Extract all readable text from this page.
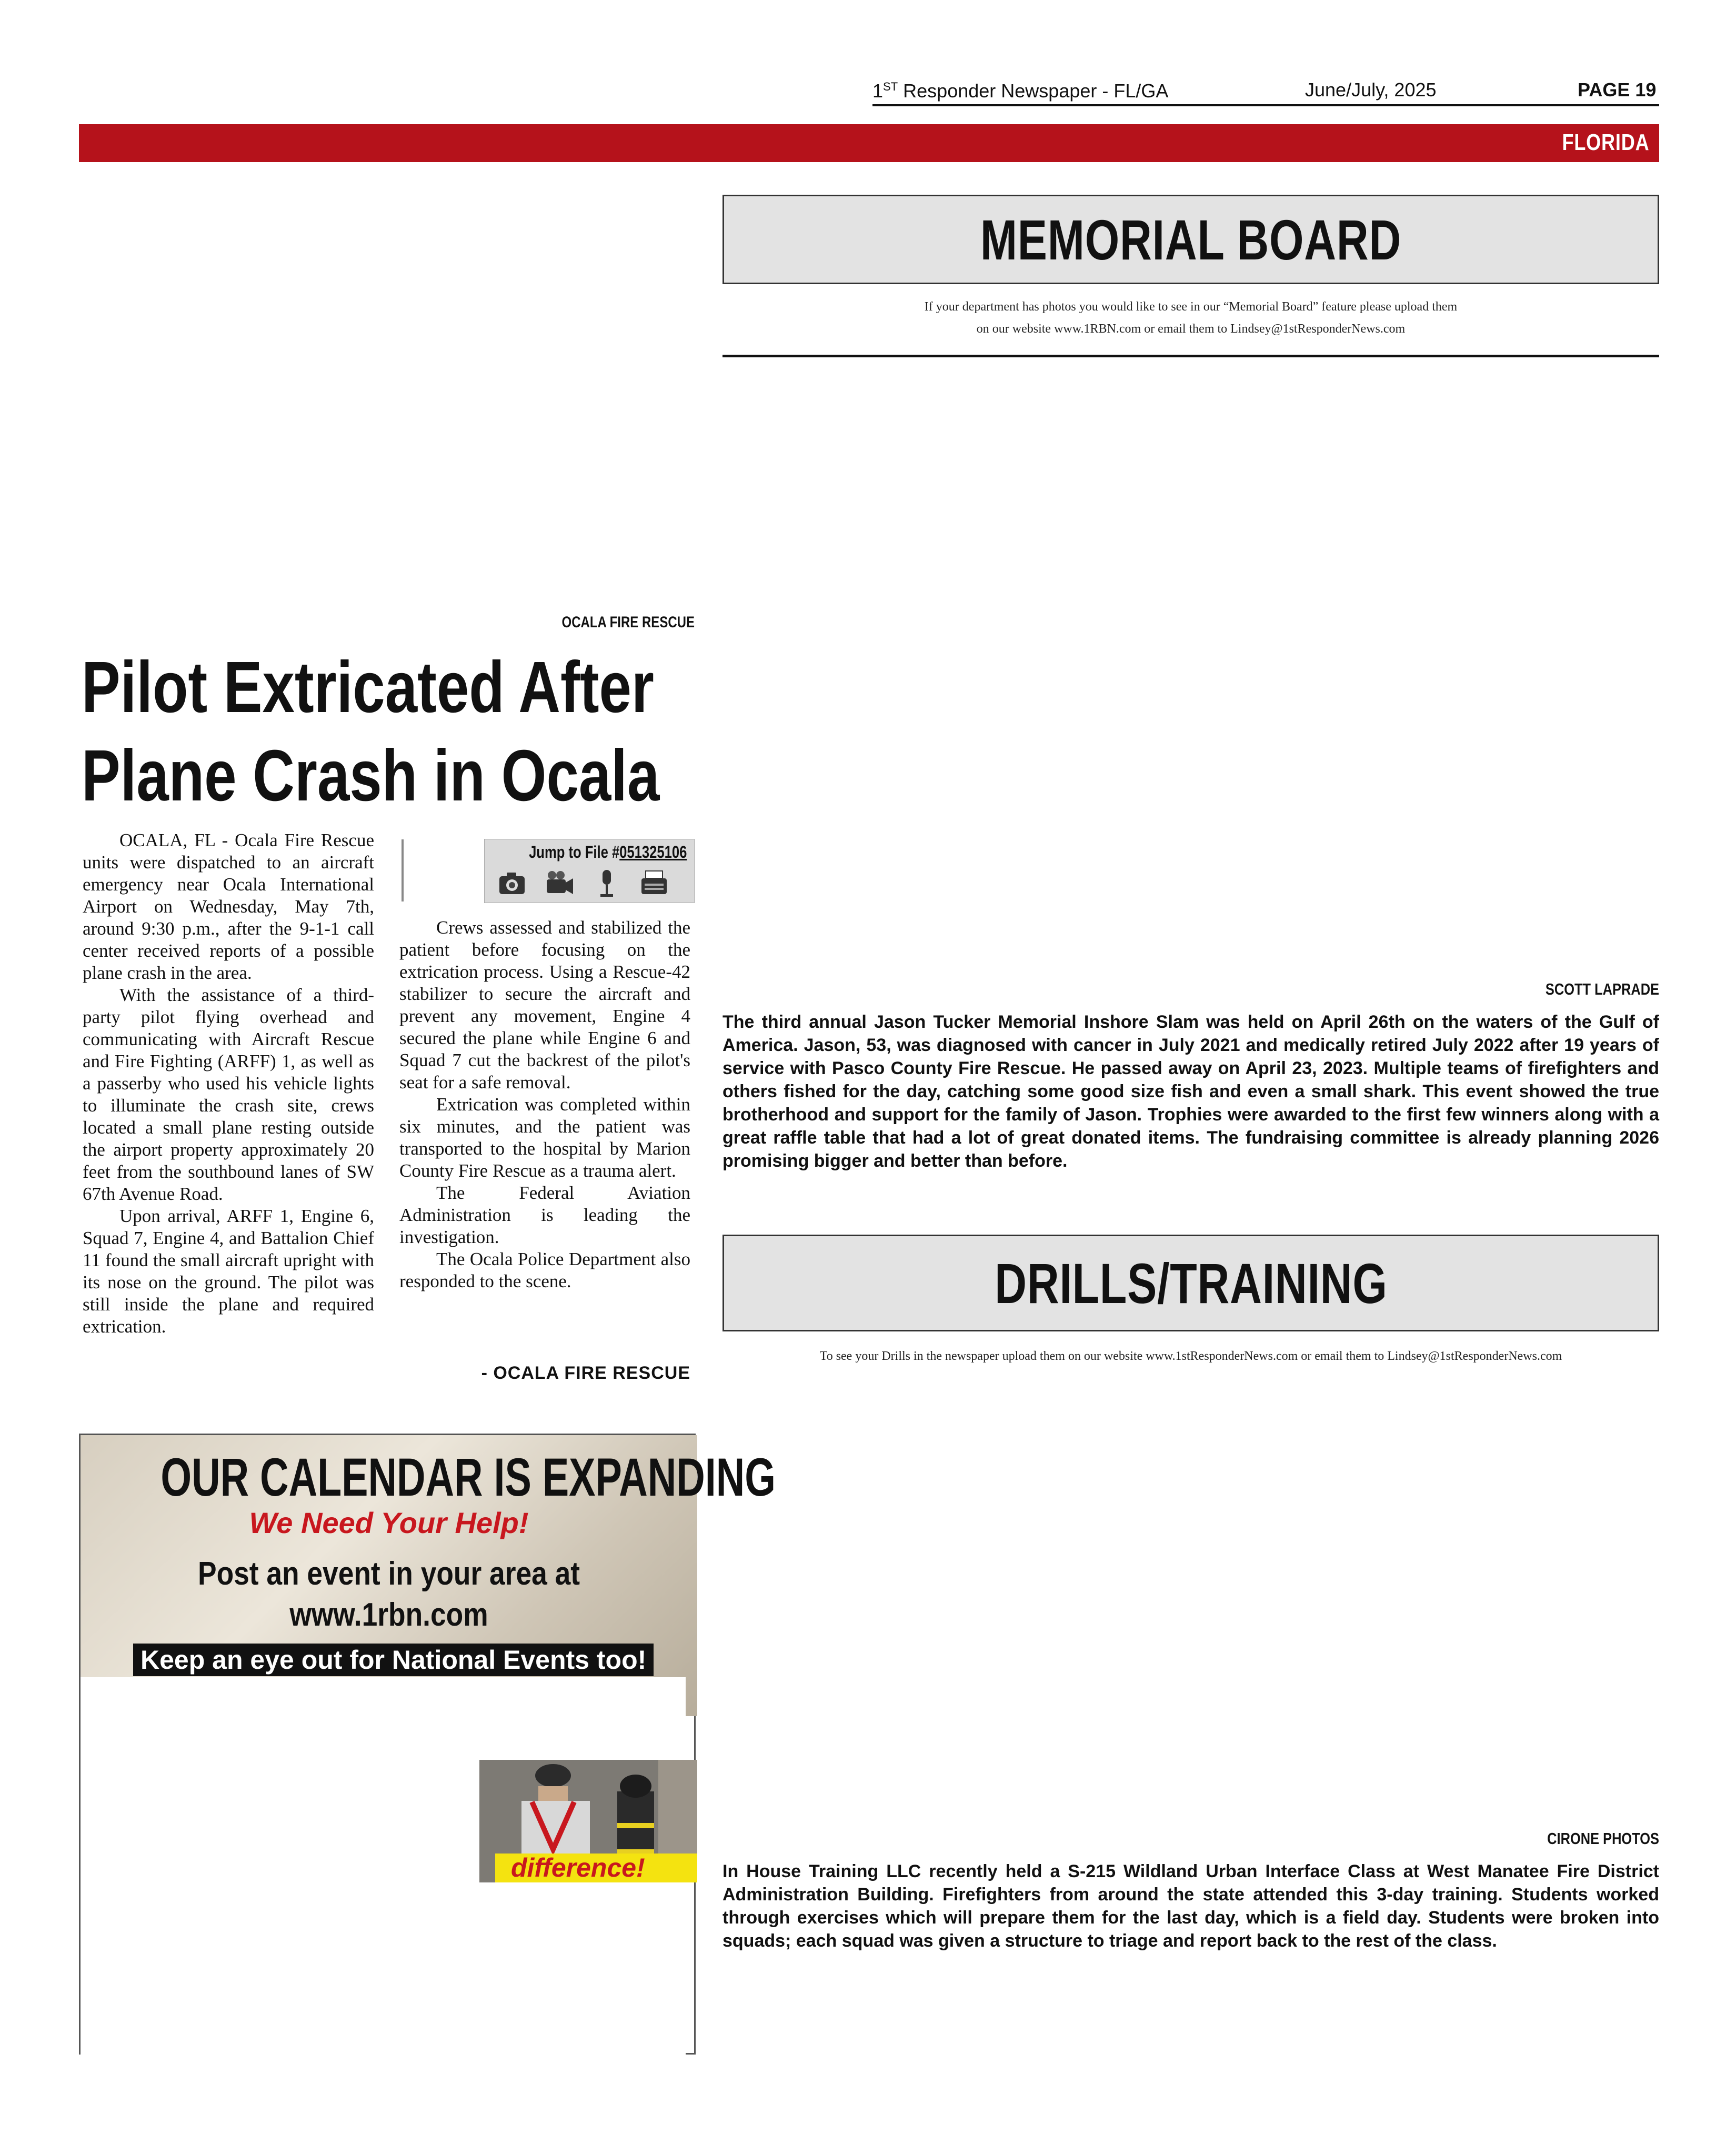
1ST Responder Newspaper - FL/GA	June/July, 2025	PAGE 19
FLORIDA
MEMORIAL BOARD
If your department has photos you would like to see in our “Memorial Board” feature please upload them
on our website www.1RBN.com or email them to Lindsey@1stResponderNews.com
SCOTT LAPRADE
The third annual Jason Tucker Memorial Inshore Slam was held on April 26th on the waters of the Gulf of America. Jason, 53, was diagnosed with cancer in July 2021 and medically retired July 2022 after 19 years of service with Pasco County Fire Rescue. He passed away on April 23, 2023. Multiple teams of firefighters and others fished for the day, catching some good size fish and even a small shark. This event showed the true brotherhood and support for the family of Jason. Trophies were awarded to the first few winners along with a great raffle table that had a lot of great donated items. The fundraising committee is already planning 2026 promising bigger and better than before.
DRILLS/TRAINING
To see your Drills in the newspaper upload them on our website www.1stResponderNews.com or email them to Lindsey@1stResponderNews.com
CIRONE PHOTOS
In House Training LLC recently held a S-215 Wildland Urban Interface Class at West Manatee Fire District Administration Building. Firefighters from around the state attended this 3-day training. Students worked through exercises which will prepare them for the last day, which is a field day. Students were broken into squads; each squad was given a structure to triage and report back to the rest of the class.
OCALA FIRE RESCUE
Pilot Extricated After
Plane Crash in Ocala

OCALA, FL - Ocala Fire Rescue units were dispatched to an aircraft emergency near Ocala International Airport on Wednesday, May 7th, around 9:30 p.m., after the 9-1-1 call center received reports of a possible plane crash in the area.

With the assistance of a third-party pilot flying overhead and communicating with Aircraft Rescue and Fire Fighting (ARFF) 1, as well as a passerby who used his vehicle lights to illuminate the crash site, crews located a small plane resting outside the airport property approximately 20 feet from the southbound lanes of SW 67th Avenue Road.

Upon arrival, ARFF 1, Engine 6, Squad 7, Engine 4, and Battalion Chief 11 found the small aircraft upright with its nose on the ground. The pilot was still inside the plane and required extrication.

Jump to File #051325106

Crews assessed and stabilized the patient before focusing on the extrication process. Using a Rescue-42 stabilizer to secure the aircraft and prevent any movement, Engine 4 secured the plane while Engine 6 and Squad 7 cut the backrest of the pilot's seat for a safe removal.

Extrication was completed within six minutes, and the patient was transported to the hospital by Marion County Fire Rescue as a trauma alert.

The Federal Aviation Administration is leading the investigation.

The Ocala Police Department also responded to the scene.

- OCALA FIRE RESCUE
OUR CALENDAR IS EXPANDING
We Need Your Help!
Post an event in your area at
www.1rbn.com
Keep an eye out for National Events too!
difference!
